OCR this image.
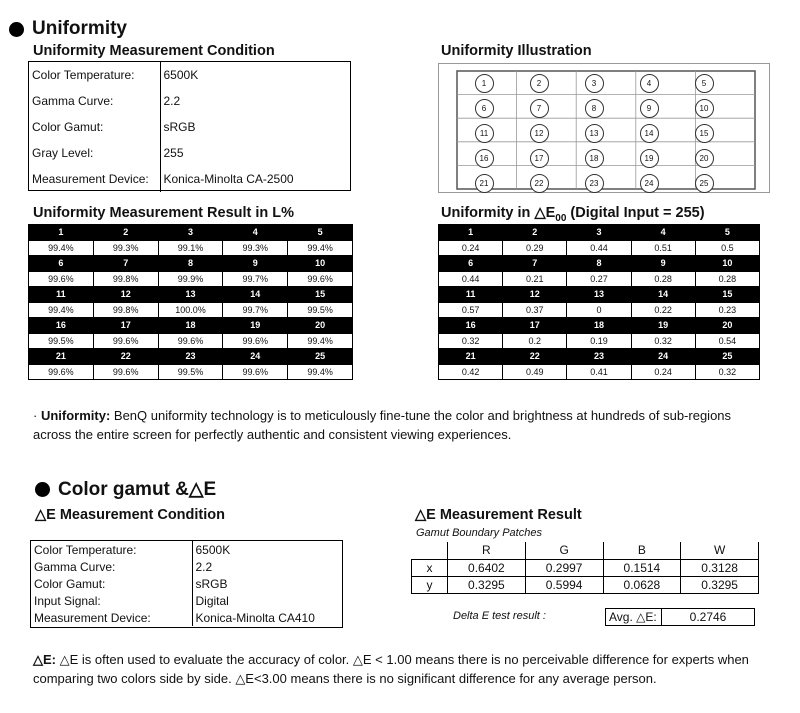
Uniformity
Uniformity Measurement Condition
Color Temperature:	6500K
Gamma Curve:	2.2
Color Gamut:	sRGB
Gray Level:	255
Measurement Device:	Konica-Minolta CA-2500
Uniformity Illustration
1	2	3	4	5
6	7	8	9	10
11	12	13	14	15
16	17	18	19	20
21	22	23	24	25
Uniformity Measurement Result in L%
1	2	3	4	5
99.4%	99.3%	99.1%	99.3%	99.4%
6	7	8	9	10
99.6%	99.8%	99.9%	99.7%	99.6%
11	12	13	14	15
99.4%	99.8%	100.0%	99.7%	99.5%
16	17	18	19	20
99.5%	99.6%	99.6%	99.6%	99.4%
21	22	23	24	25
99.6%	99.6%	99.5%	99.6%	99.4%
Uniformity in $\triangle E_{00}$ (Digital Input = 255)
1	2	3	4	5
0.24	0.29	0.44	0.51	0.5
6	7	8	9	10
0.44	0.21	0.27	0.28	0.28
11	12	13	14	15
0.57	0.37	0	0.22	0.23
16	17	18	19	20
0.32	0.2	0.19	0.32	0.54
21	22	23	24	25
0.42	0.49	0.41	0.24	0.32
· Uniformity: BenQ uniformity technology is to meticulously fine-tune the color and brightness at hundreds of sub-regions across the entire screen for perfectly authentic and consistent viewing experiences.
Color gamut &△E
△E Measurement Condition
Color Temperature:	6500K
Gamma Curve:	2.2
Color Gamut:	sRGB
Input Signal:	Digital
Measurement Device:	Konica-Minolta CA410
△E Measurement Result
Gamut Boundary Patches
	R	G	B	W
x	0.6402	0.2997	0.1514	0.3128
y	0.3295	0.5994	0.0628	0.3295
Delta E test result :	Avg. △E:	0.2746
△E: △E is often used to evaluate the accuracy of color. △E < 1.00 means there is no perceivable difference for experts when comparing two colors side by side. △E<3.00 means there is no significant difference for any average person.
